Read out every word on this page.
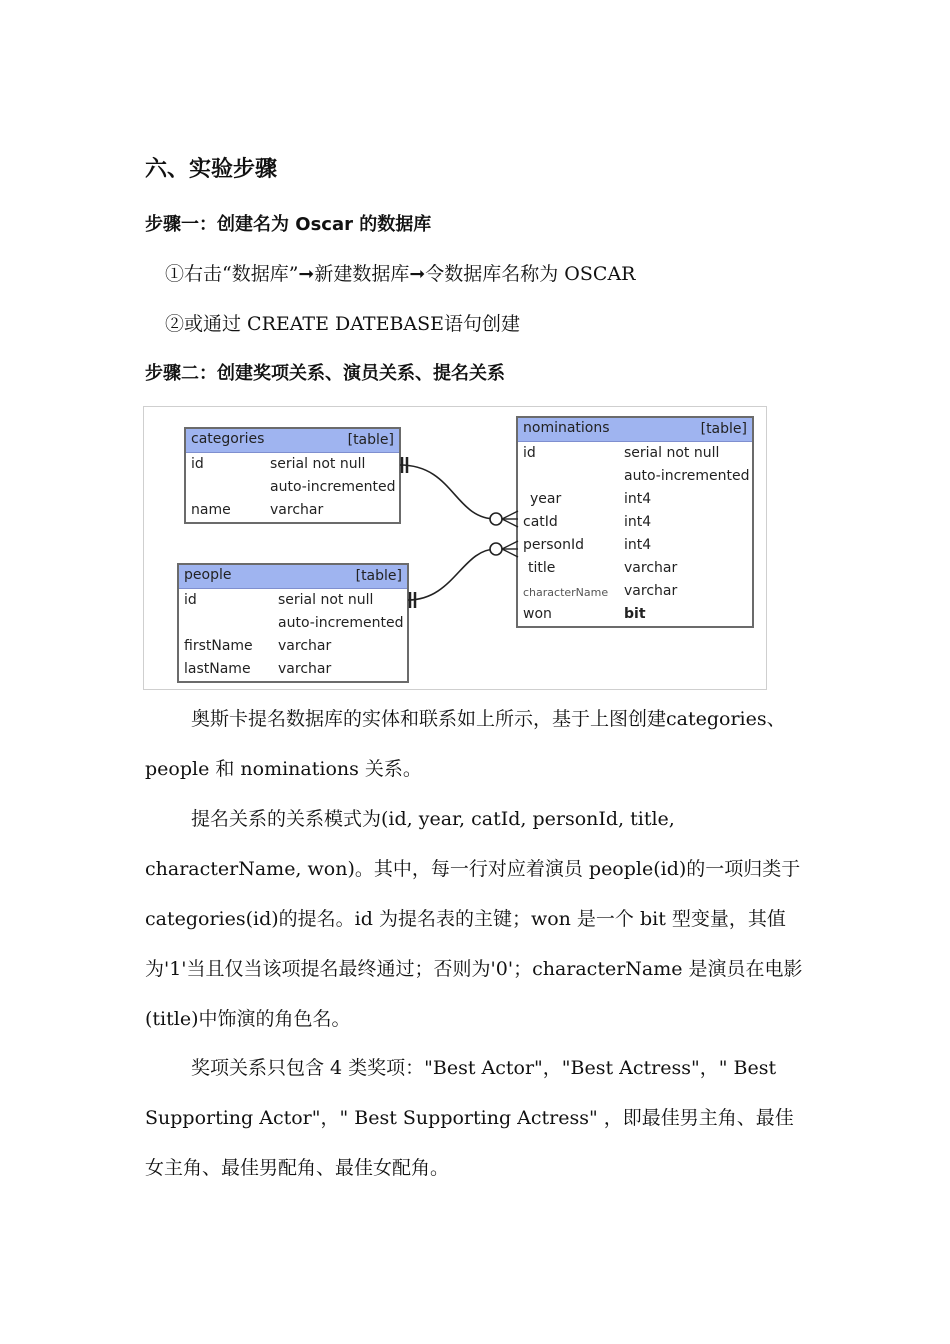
六、实验步骤
步骤一：创建名为 Oscar 的数据库
①右击“数据库”➞新建数据库➞令数据库名称为 OSCAR
②或通过 CREATE DATEBASE语句创建
步骤二：创建奖项关系、演员关系、提名关系
categories	[table]
id	serial not null
auto-incremented
name	varchar
people	[table]
id	serial not null
auto-incremented
firstName varchar
lastName varchar
nominations	[table]
id	serial not null
auto-incremented
year	int4
catId	int4
personId	int4
title	varchar
characterName varchar
won	bit

奥斯卡提名数据库的实体和联系如上所示，基于上图创建categories、people 和 nominations 关系。

提名关系的关系模式为(id, year, catId, personId, title, characterName, won)。其中，每一行对应着演员 people(id)的一项归类于 categories(id)的提名。id 为提名表的主键；won 是一个 bit 型变量，其值为'1'当且仅当该项提名最终通过；否则为'0'；characterName 是演员在电影(title)中饰演的角色名。

奖项关系只包含 4 类奖项："Best Actor"，"Best Actress"，" Best Supporting Actor"，" Best Supporting Actress" ，即最佳男主角、最佳女主角、最佳男配角、最佳女配角。
